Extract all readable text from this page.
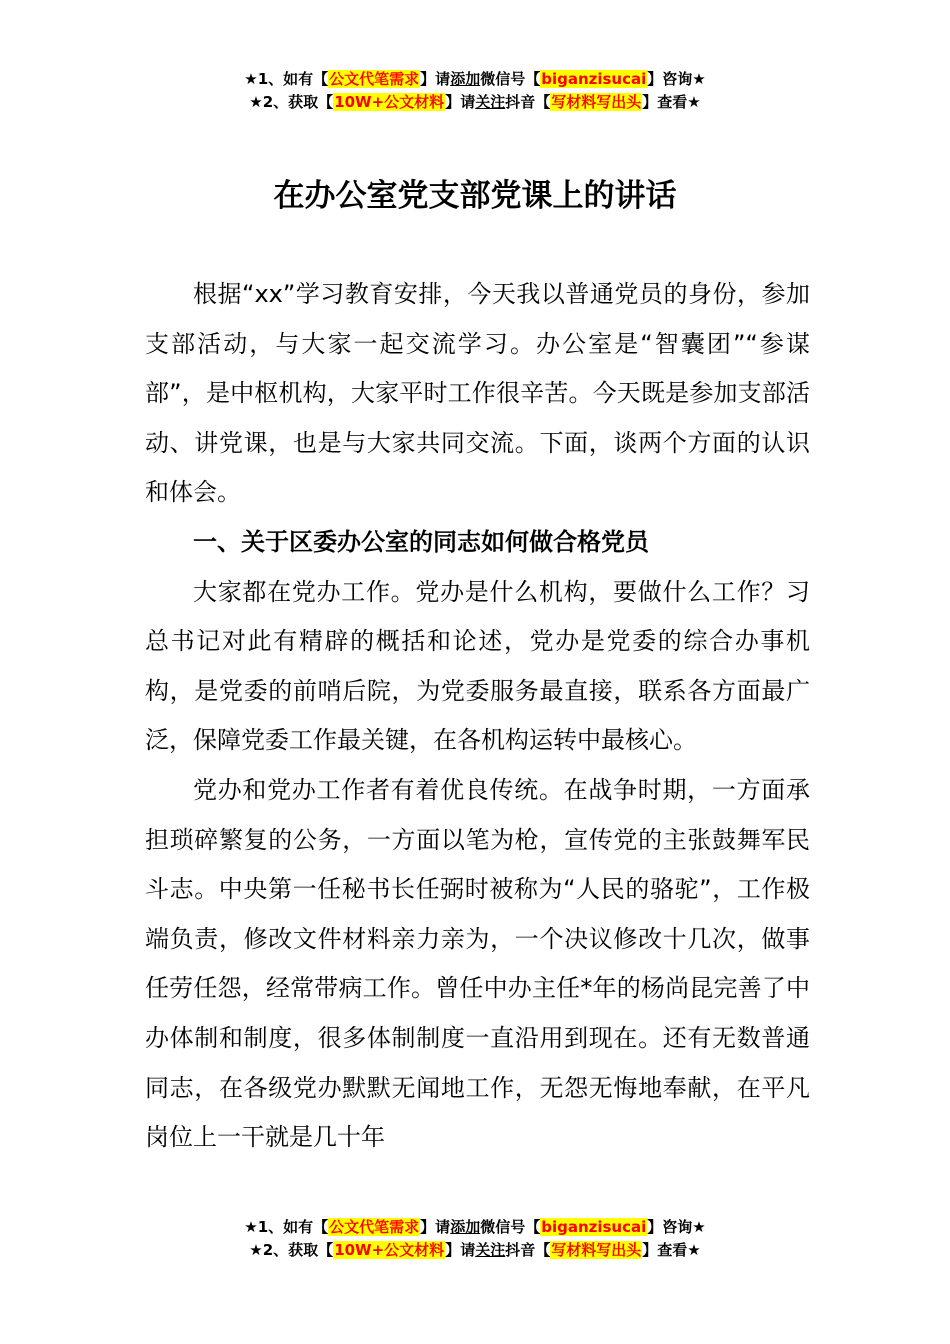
★1、如有【公文代笔需求】请添加微信号【biganzisucai】咨询★
★2、获取【10W+公文材料】请关注抖音【写材料写出头】查看★
在办公室党支部党课上的讲话

根据“xx”学习教育安排，今天我以普通党员的身份，参加支部活动，与大家一起交流学习。办公室是“智囊团”“参谋部”，是中枢机构，大家平时工作很辛苦。今天既是参加支部活动、讲党课，也是与大家共同交流。下面，谈两个方面的认识和体会。

一、关于区委办公室的同志如何做合格党员

大家都在党办工作。党办是什么机构，要做什么工作？习总书记对此有精辟的概括和论述，党办是党委的综合办事机构，是党委的前哨后院，为党委服务最直接，联系各方面最广泛，保障党委工作最关键，在各机构运转中最核心。

党办和党办工作者有着优良传统。在战争时期，一方面承担琐碎繁复的公务，一方面以笔为枪，宣传党的主张鼓舞军民斗志。中央第一任秘书长任弼时被称为“人民的骆驼”，工作极端负责，修改文件材料亲力亲为，一个决议修改十几次，做事任劳任怨，经常带病工作。曾任中办主任*年的杨尚昆完善了中办体制和制度，很多体制制度一直沿用到现在。还有无数普通同志，在各级党办默默无闻地工作，无怨无悔地奉献，在平凡岗位上一干就是几十年

★1、如有【公文代笔需求】请添加微信号【biganzisucai】咨询★
★2、获取【10W+公文材料】请关注抖音【写材料写出头】查看★
